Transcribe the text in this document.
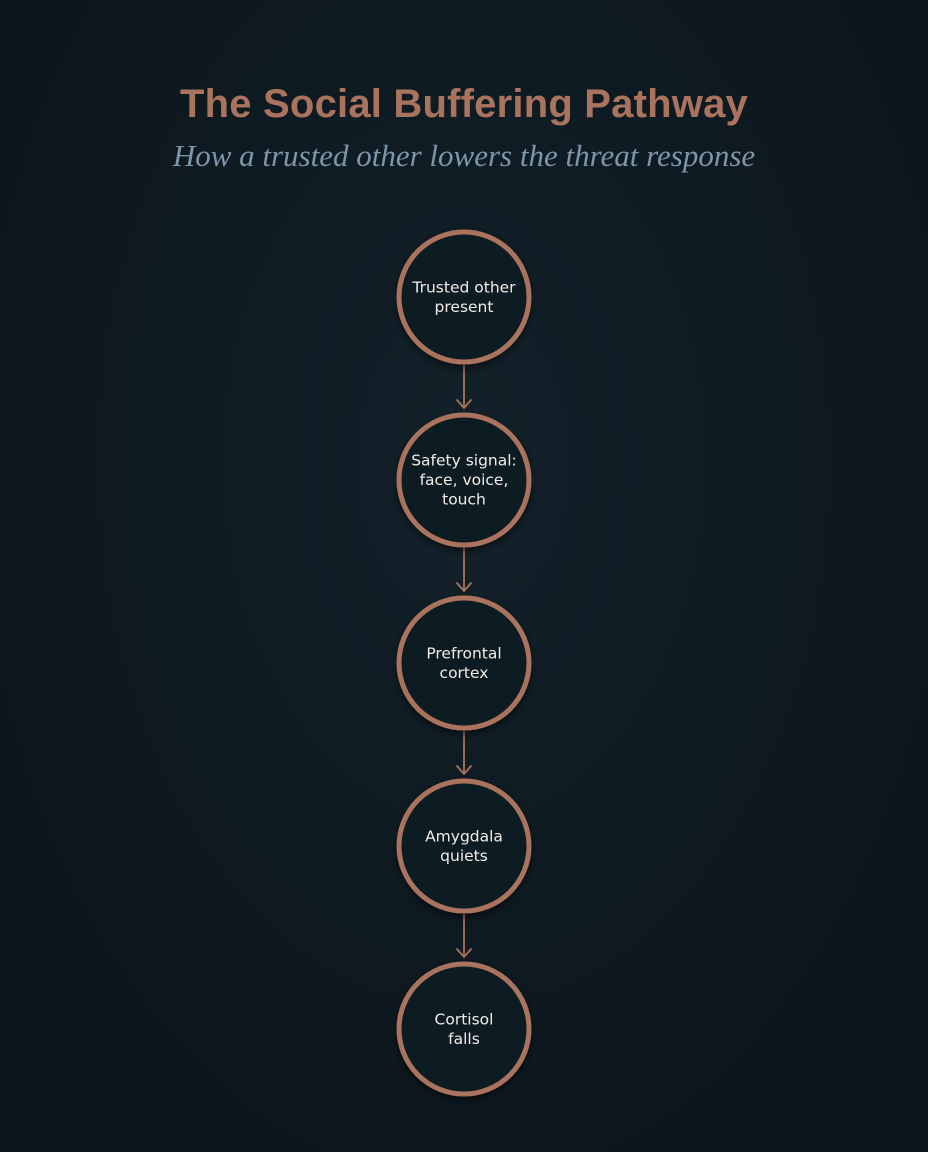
The Social Buffering Pathway
How a trusted other lowers the threat response
Trusted other
present
Safety signal:
face, voice,
touch
Prefrontal
cortex
Amygdala
quiets
Cortisol
falls
